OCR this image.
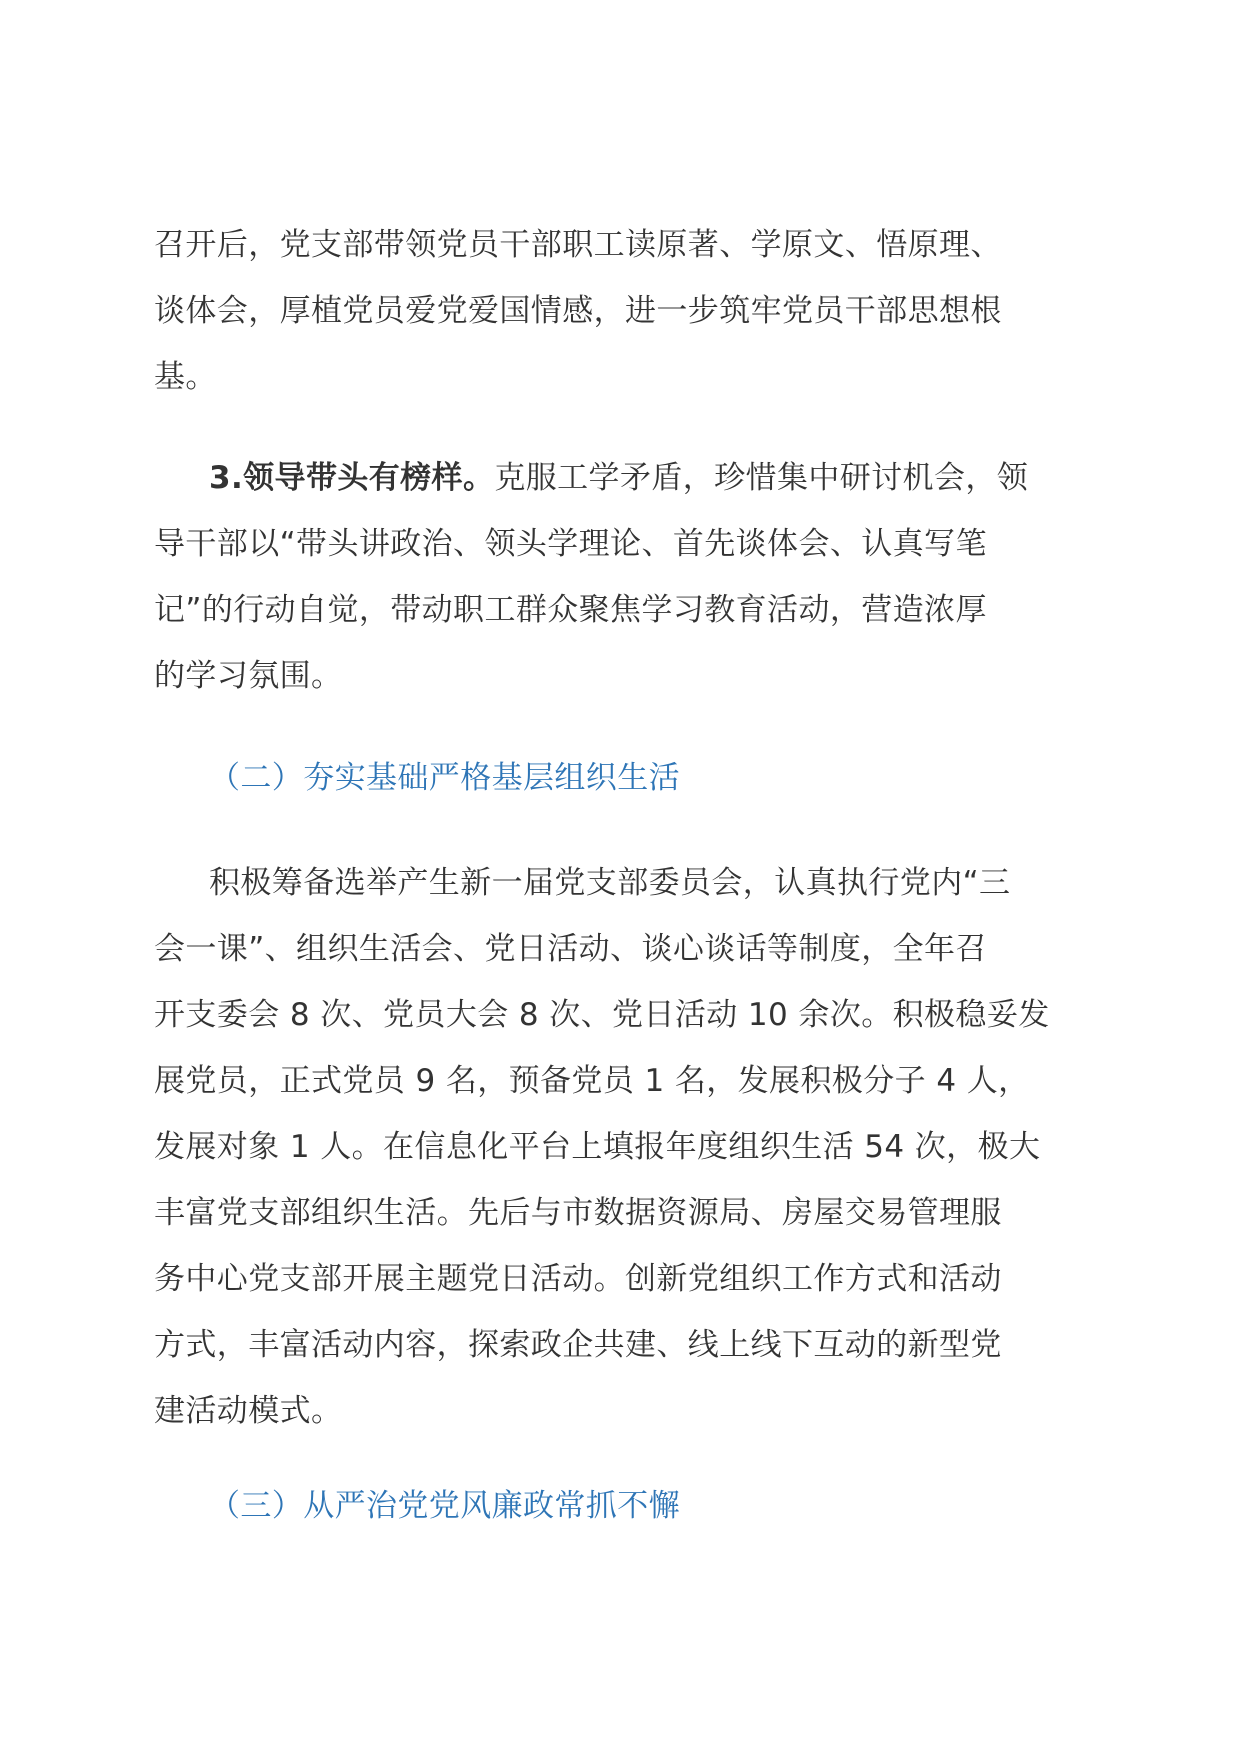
召开后，党支部带领党员干部职工读原著、学原文、悟原理、
谈体会，厚植党员爱党爱国情感，进一步筑牢党员干部思想根
基。
3.领导带头有榜样。克服工学矛盾，珍惜集中研讨机会，领
导干部以“带头讲政治、领头学理论、首先谈体会、认真写笔
记”的行动自觉，带动职工群众聚焦学习教育活动，营造浓厚
的学习氛围。
（二）夯实基础严格基层组织生活
积极筹备选举产生新一届党支部委员会，认真执行党内“三
会一课”、组织生活会、党日活动、谈心谈话等制度，全年召
开支委会 8 次、党员大会 8 次、党日活动 10 余次。积极稳妥发
展党员，正式党员 9 名，预备党员 1 名，发展积极分子 4 人，
发展对象 1 人。在信息化平台上填报年度组织生活 54 次，极大
丰富党支部组织生活。先后与市数据资源局、房屋交易管理服
务中心党支部开展主题党日活动。创新党组织工作方式和活动
方式，丰富活动内容，探索政企共建、线上线下互动的新型党
建活动模式。
（三）从严治党党风廉政常抓不懈
